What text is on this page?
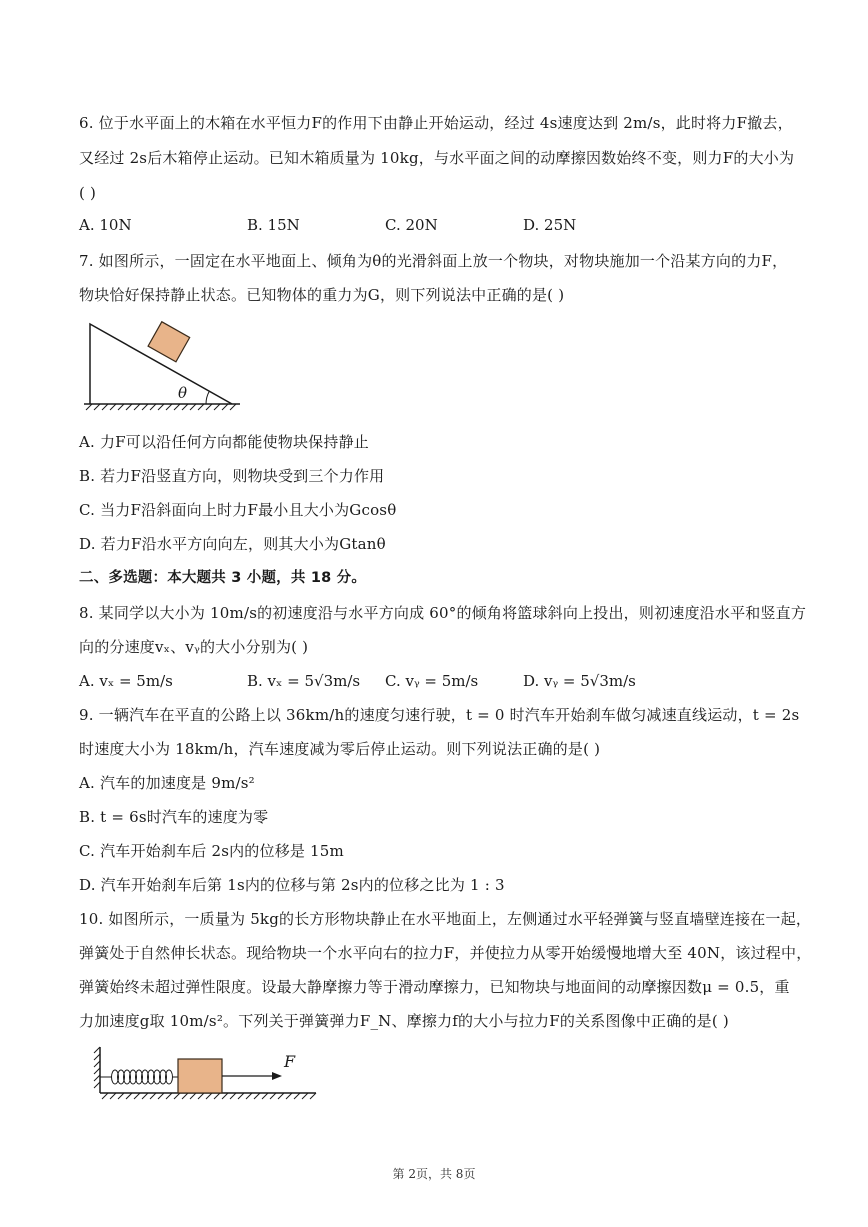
6. 位于水平面上的木箱在水平恒力F的作用下由静止开始运动，经过 4s速度达到 2m/s，此时将力F撤去，
又经过 2s后木箱停止运动。已知木箱质量为 10kg，与水平面之间的动摩擦因数始终不变，则力F的大小为
( )
A. 10N	B. 15N	C. 20N	D. 25N
7. 如图所示，一固定在水平地面上、倾角为θ的光滑斜面上放一个物块，对物块施加一个沿某方向的力F，
物块恰好保持静止状态。已知物体的重力为G，则下列说法中正确的是( )
θ
A. 力F可以沿任何方向都能使物块保持静止
B. 若力F沿竖直方向，则物块受到三个力作用
C. 当力F沿斜面向上时力F最小且大小为Gcosθ
D. 若力F沿水平方向向左，则其大小为Gtanθ
二、多选题：本大题共 3 小题，共 18 分。
8. 某同学以大小为 10m/s的初速度沿与水平方向成 60°的倾角将篮球斜向上投出，则初速度沿水平和竖直方
向的分速度vₓ、vᵧ的大小分别为( )
A. vₓ = 5m/s	B. vₓ = 5√3m/s C. vᵧ = 5m/s	D. vᵧ = 5√3m/s
9. 一辆汽车在平直的公路上以 36km/h的速度匀速行驶，t = 0 时汽车开始刹车做匀减速直线运动，t = 2s
时速度大小为 18km/h，汽车速度减为零后停止运动。则下列说法正确的是( )
A. 汽车的加速度是 9m/s²
B. t = 6s时汽车的速度为零
C. 汽车开始刹车后 2s内的位移是 15m
D. 汽车开始刹车后第 1s内的位移与第 2s内的位移之比为 1 : 3
10. 如图所示，一质量为 5kg的长方形物块静止在水平地面上，左侧通过水平轻弹簧与竖直墙壁连接在一起，
弹簧处于自然伸长状态。现给物块一个水平向右的拉力F，并使拉力从零开始缓慢地增大至 40N，该过程中，
弹簧始终未超过弹性限度。设最大静摩擦力等于滑动摩擦力，已知物块与地面间的动摩擦因数μ = 0.5，重
力加速度g取 10m/s²。下列关于弹簧弹力F_N、摩擦力f的大小与拉力F的关系图像中正确的是( )
F
第 2页，共 8页
